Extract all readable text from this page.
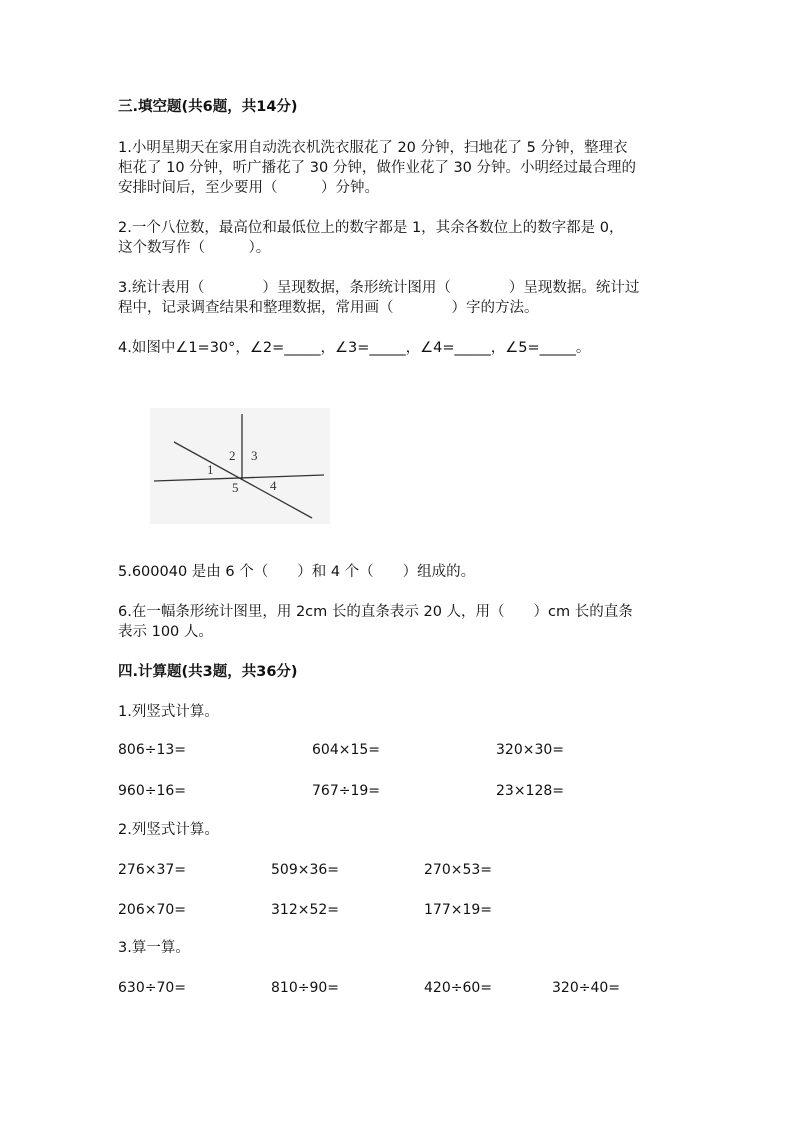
三.填空题(共6题，共14分)
1.小明星期天在家用自动洗衣机洗衣服花了 20 分钟，扫地花了 5 分钟，整理衣
柜花了 10 分钟，听广播花了 30 分钟，做作业花了 30 分钟。小明经过最合理的
安排时间后，至少要用（　　　）分钟。
2.一个八位数，最高位和最低位上的数字都是 1，其余各数位上的数字都是 0，
这个数写作（　　　）。
3.统计表用（　　　　）呈现数据，条形统计图用（　　　　）呈现数据。统计过
程中，记录调查结果和整理数据，常用画（　　　　）字的方法。
4.如图中∠1=30°，∠2=_____，∠3=_____，∠4=_____，∠5=_____。
1
2 3
4
5
5.600040 是由 6 个（　　）和 4 个（　　）组成的。
6.在一幅条形统计图里，用 2cm 长的直条表示 20 人，用（　　）cm 长的直条
表示 100 人。
四.计算题(共3题，共36分)
1.列竖式计算。
806÷13=	604×15=	320×30=
960÷16=	767÷19=	23×128=
2.列竖式计算。
276×37=	509×36=	270×53=
206×70=	312×52=	177×19=
3.算一算。
630÷70=	810÷90=	420÷60=	320÷40=
